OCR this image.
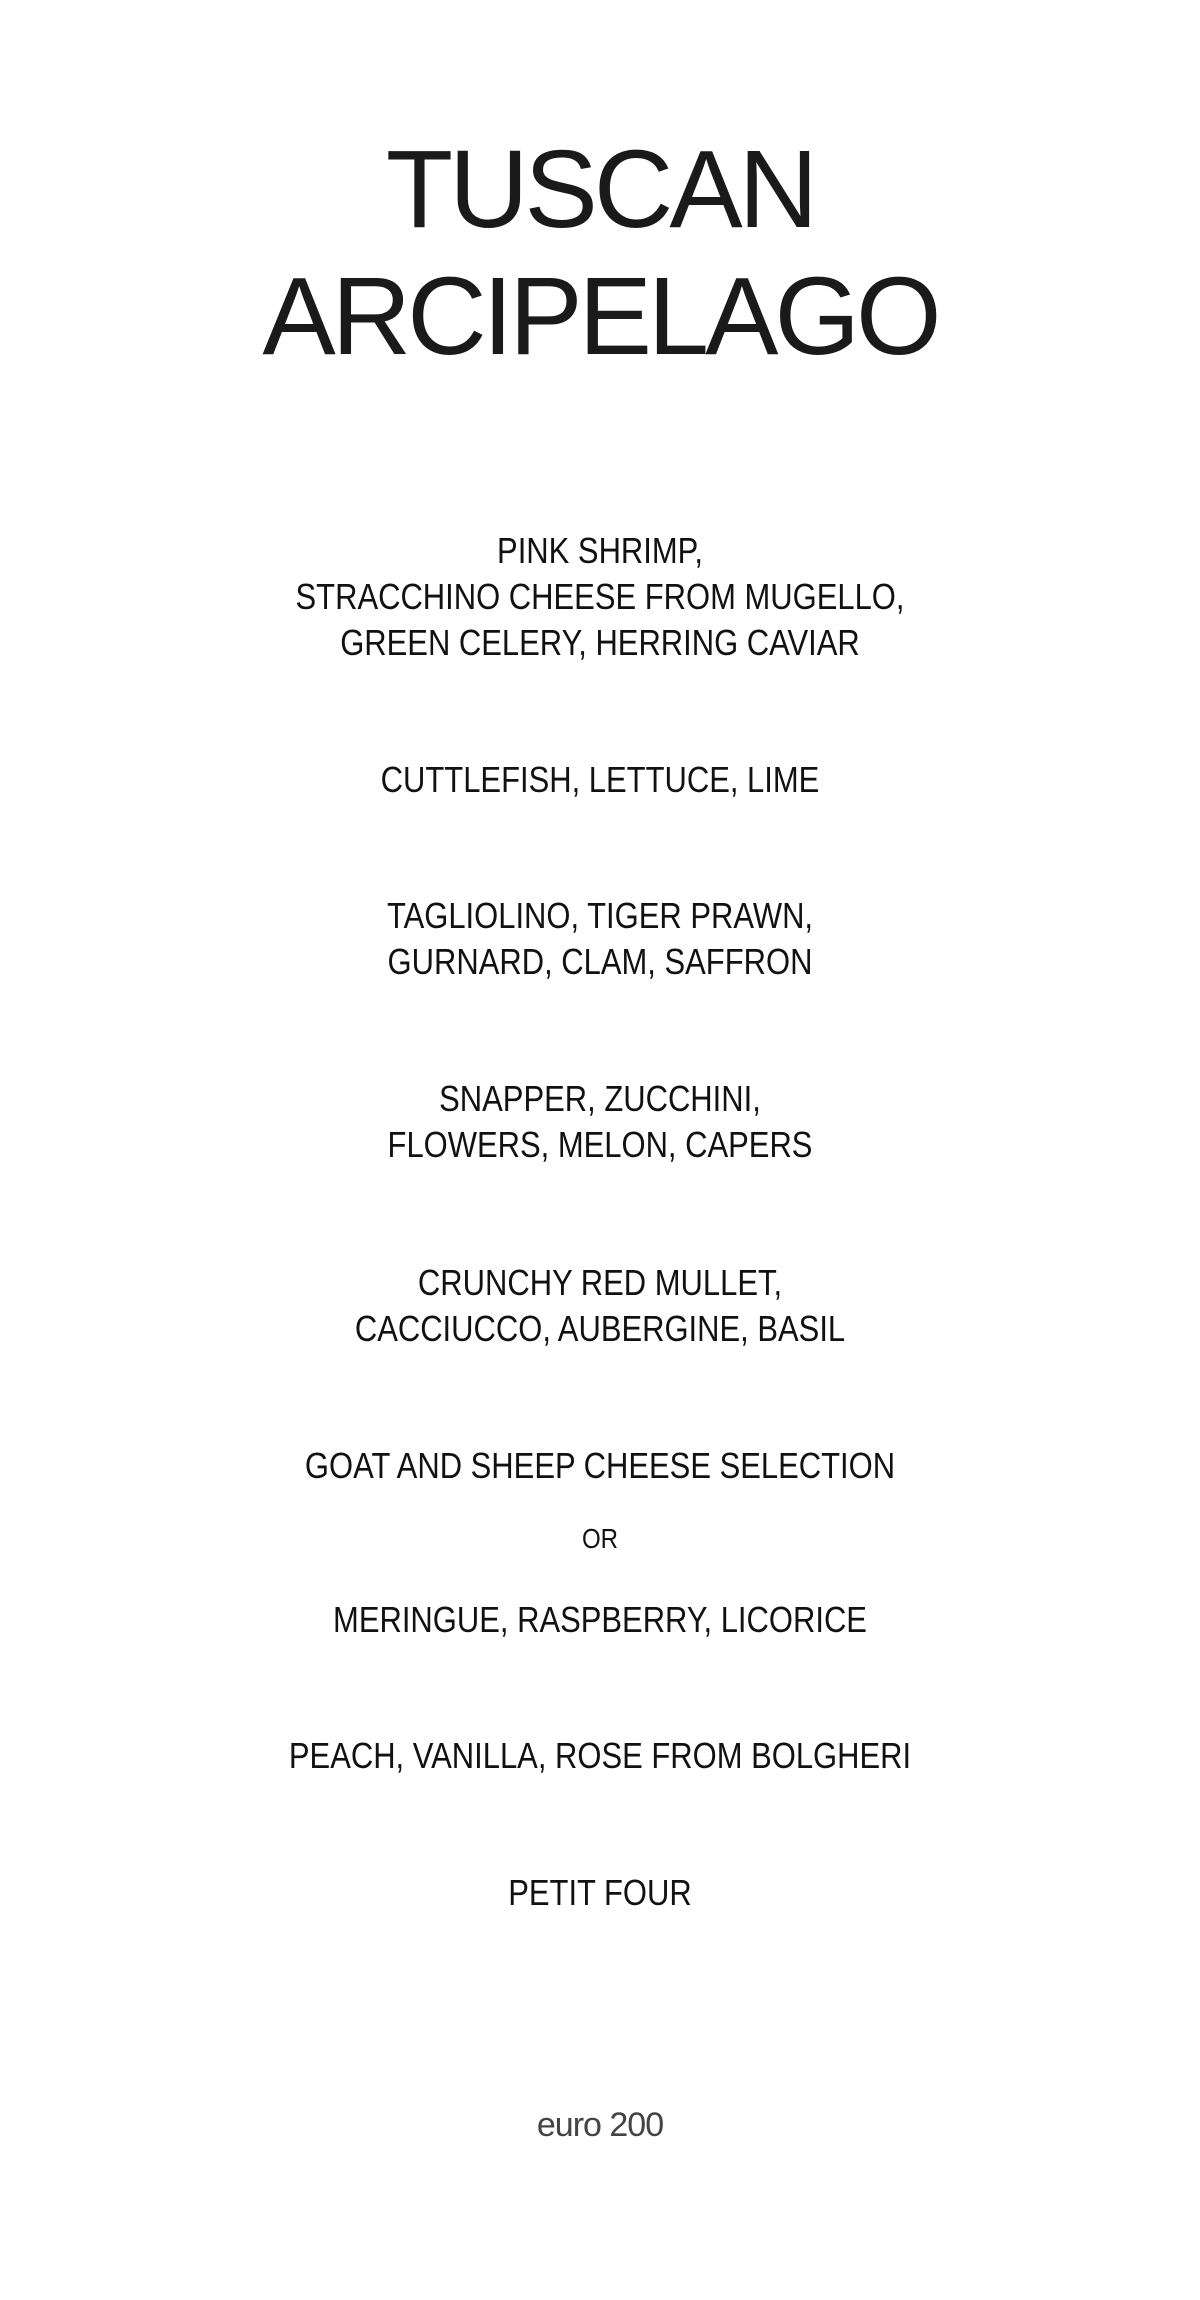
TUSCAN
ARCIPELAGO
PINK SHRIMP,
STRACCHINO CHEESE FROM MUGELLO,
GREEN CELERY, HERRING CAVIAR
CUTTLEFISH, LETTUCE, LIME
TAGLIOLINO, TIGER PRAWN,
GURNARD, CLAM, SAFFRON
SNAPPER, ZUCCHINI,
FLOWERS, MELON, CAPERS
CRUNCHY RED MULLET,
CACCIUCCO, AUBERGINE, BASIL
GOAT AND SHEEP CHEESE SELECTION
OR
MERINGUE, RASPBERRY, LICORICE
PEACH, VANILLA, ROSE FROM BOLGHERI
PETIT FOUR
euro 200
